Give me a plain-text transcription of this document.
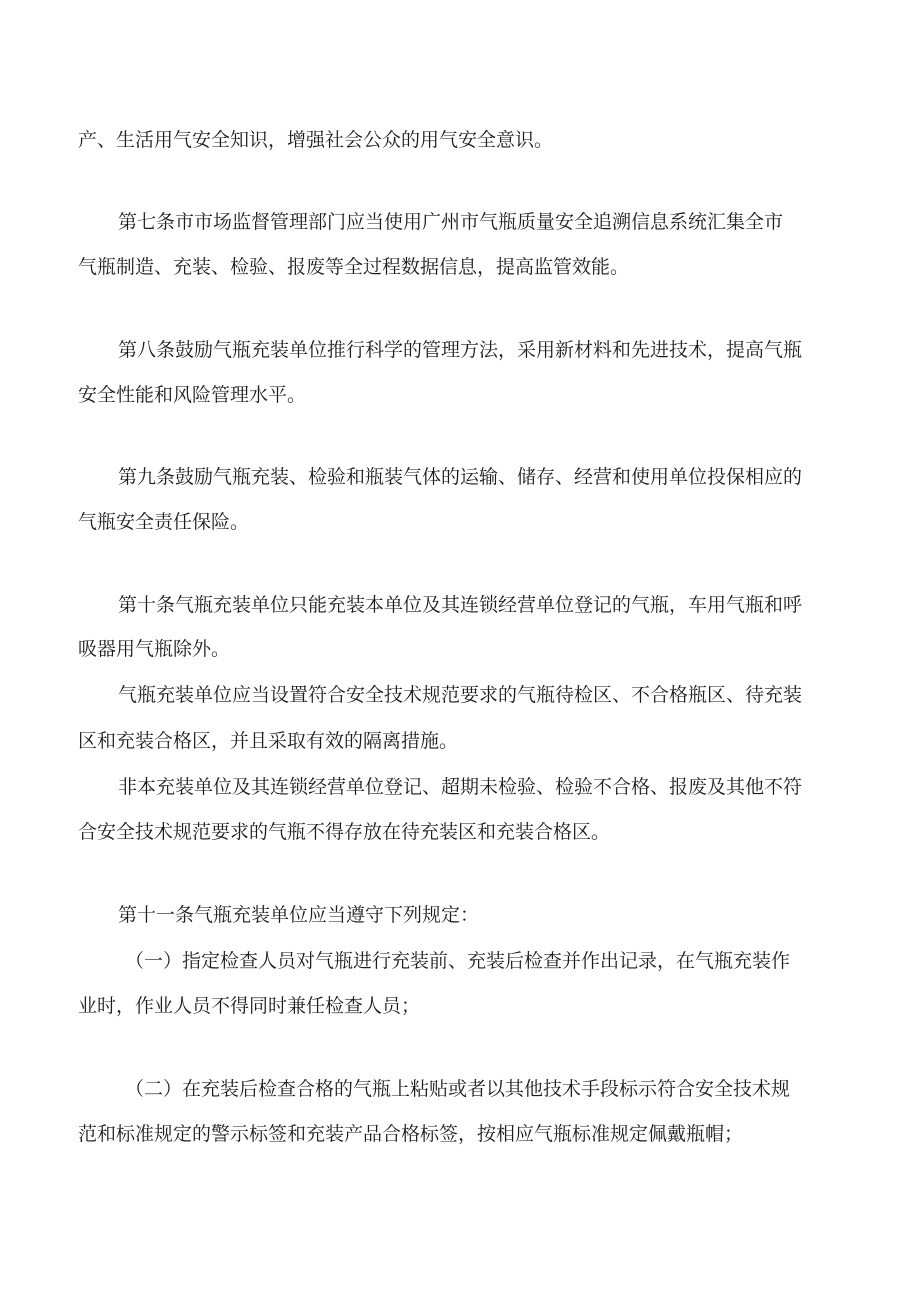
产、生活用气安全知识，增强社会公众的用气安全意识。
第七条市市场监督管理部门应当使用广州市气瓶质量安全追溯信息系统汇集全市
气瓶制造、充装、检验、报废等全过程数据信息，提高监管效能。
第八条鼓励气瓶充装单位推行科学的管理方法，采用新材料和先进技术，提高气瓶
安全性能和风险管理水平。
第九条鼓励气瓶充装、检验和瓶装气体的运输、储存、经营和使用单位投保相应的
气瓶安全责任保险。
第十条气瓶充装单位只能充装本单位及其连锁经营单位登记的气瓶，车用气瓶和呼
吸器用气瓶除外。
气瓶充装单位应当设置符合安全技术规范要求的气瓶待检区、不合格瓶区、待充装
区和充装合格区，并且采取有效的隔离措施。
非本充装单位及其连锁经营单位登记、超期未检验、检验不合格、报废及其他不符
合安全技术规范要求的气瓶不得存放在待充装区和充装合格区。
第十一条气瓶充装单位应当遵守下列规定：
（一）指定检查人员对气瓶进行充装前、充装后检查并作出记录，在气瓶充装作
业时，作业人员不得同时兼任检查人员；
（二）在充装后检查合格的气瓶上粘贴或者以其他技术手段标示符合安全技术规
范和标准规定的警示标签和充装产品合格标签，按相应气瓶标准规定佩戴瓶帽；
